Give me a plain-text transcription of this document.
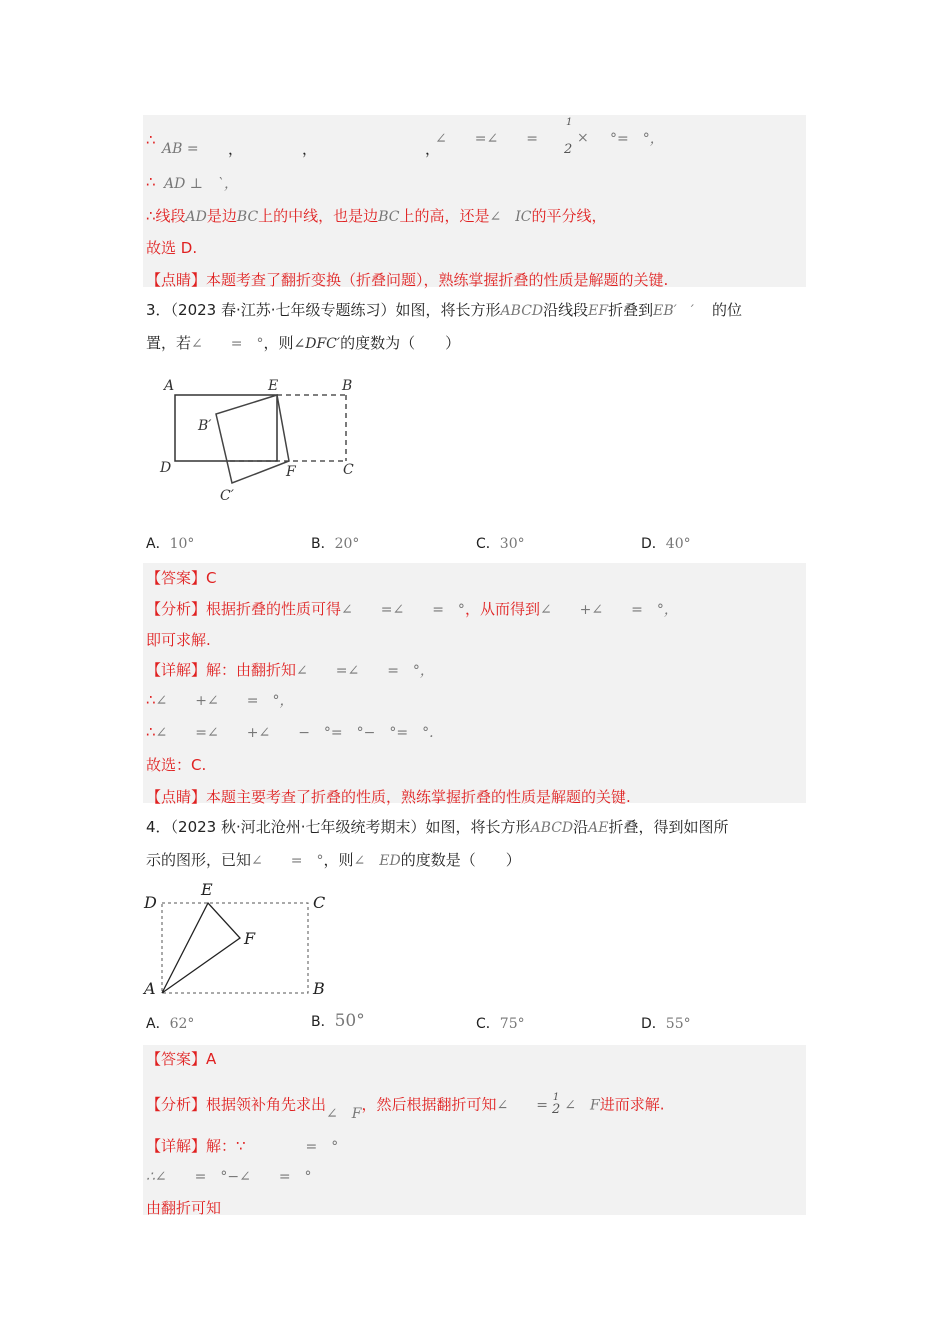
∴ AB = ，	，	，
∠　　=∠　　=
1
2
× °=　°，
∴ AD ⊥　`，
∴线段AD是边BC上的中线，也是边BC上的高，还是∠　IC的平分线，
故选 D.
【点睛】本题考查了翻折变换（折叠问题），熟练掌握折叠的性质是解题的关键.
3．（2023 春·江苏·七年级专题练习）如图，将长方形ABCD沿线段EF折叠到EB′　′ 的位
置，若∠　　=　°，则∠DFC′的度数为（　　）
A	E	B
B′
D	F	C
C′
A．10°	B．20°	C．30°	D．40°
【答案】C
【分析】根据折叠的性质可得∠　　=∠　　=　°，从而得到∠　　+∠　　=　°，
即可求解.
【详解】解：由翻折知∠　　=∠　　=　°，
∴∠　　+∠　　=　°，
∴∠　　=∠　　+∠　　−　°=　°−　°=　°.
故选：C.
【点睛】本题主要考查了折叠的性质，熟练掌握折叠的性质是解题的关键.
4．（2023 秋·河北沧州·七年级统考期末）如图，将长方形ABCD沿AE折叠，得到如图所
示的图形，已知∠　　=　°，则∠　ED的度数是（　　）
D
E
C
F
A	B
A．62°	B．50°	C．75°	D．55°
【答案】A
【分析】根据领补角先求出∠　F，然后根据翻折可知∠　　= 1
2 ∠　F进而求解.
【详解】解：∵	=　°
∴∠　　=　°−∠　　=　°
由翻折可知
